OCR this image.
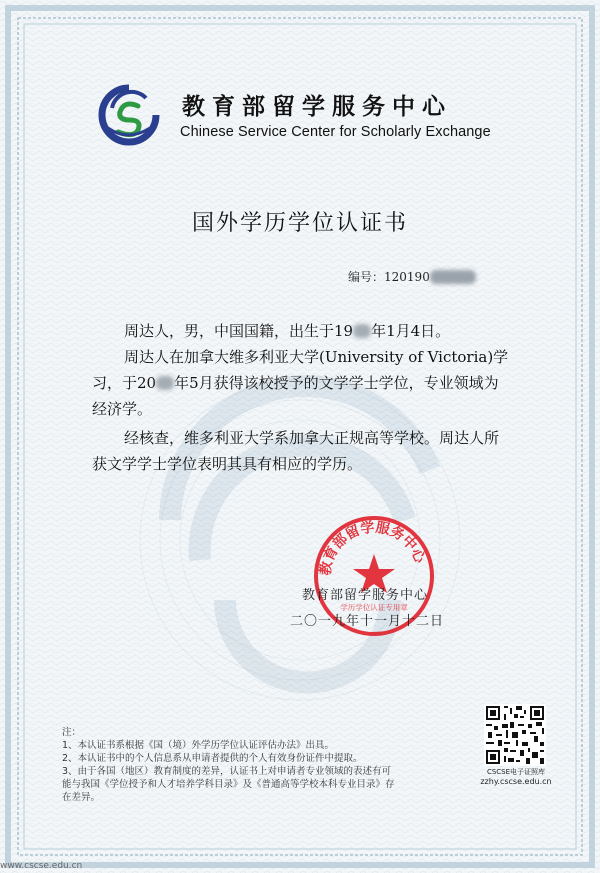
教育部留学服务中心
Chinese Service Center for Scholarly Exchange
国外学历学位认证书
编号：120190
周达人，男，中国国籍，出生于19 年1月4日。
周达人在加拿大维多利亚大学(University of Victoria)学习，于20 年5月获得该校授予的文学学士学位，专业领域为经济学。
经核查，维多利亚大学系加拿大正规高等学校。周达人所获文学学士学位表明其具有相应的学历。
教育部留学服务中心
学历学位认证专用章
教育部留学服务中心
二〇一九年十一月十二日
注：
1、本认证书系根据《国（境）外学历学位认证评估办法》出具。
2、本认证书中的个人信息系从申请者提供的个人有效身份证件中提取。
3、由于各国（地区）教育制度的差异，认证书上对申请者专业领域的表述有可
能与我国《学位授予和人才培养学科目录》及《普通高等学校本科专业目录》存
在差异。
CSCSE电子证照库
zzhy.cscse.edu.cn
www.cscse.edu.cn
